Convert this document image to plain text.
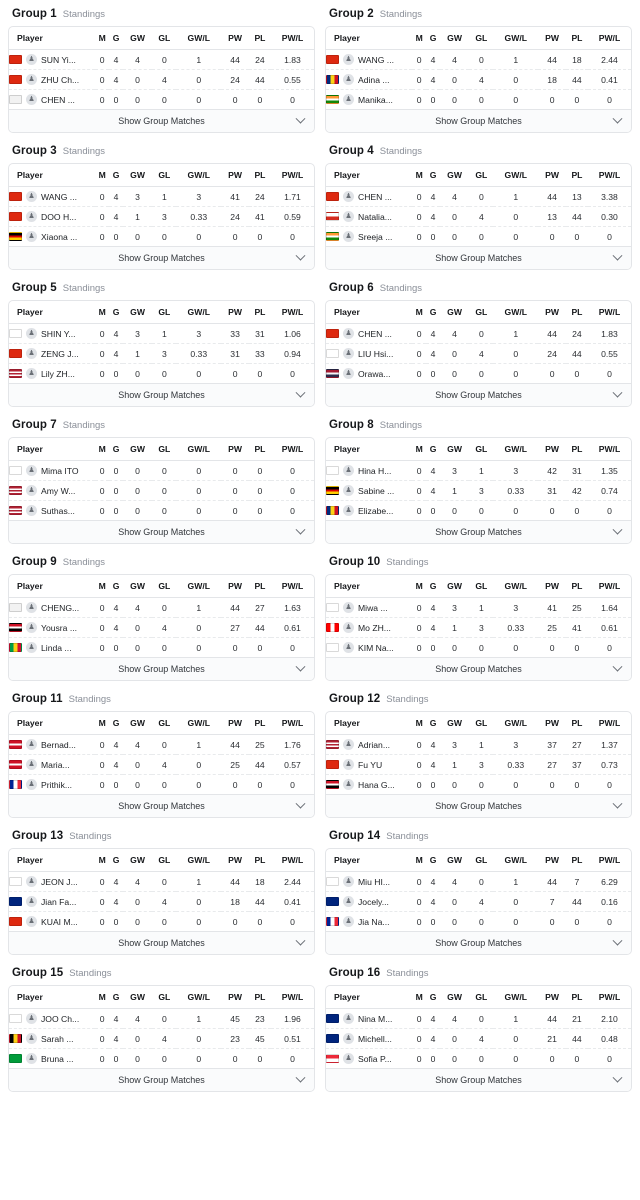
Group 1 Standings
Player	M	G	GW	GL	GW/L	PW	PL	PW/L

♟ SUN Yi...	0	4	4	0	1	44	24	1.83

♟ ZHU Ch...	0	4	0	4	0	24	44	0.55

♟ CHEN ...	0	0	0	0	0	0	0	0
Show Group Matches
Group 2 Standings
Player	M	G	GW	GL	GW/L	PW	PL	PW/L

♟ WANG ...	0	4	4	0	1	44	18	2.44

♟ Adina ...	0	4	0	4	0	18	44	0.41

♟ Manika...	0	0	0	0	0	0	0	0
Show Group Matches
Group 3 Standings
Player	M	G	GW	GL	GW/L	PW	PL	PW/L

♟ WANG ...	0	4	3	1	3	41	24	1.71

♟ DOO H...	0	4	1	3	0.33	24	41	0.59

♟ Xiaona ...	0	0	0	0	0	0	0	0
Show Group Matches
Group 4 Standings
Player	M	G	GW	GL	GW/L	PW	PL	PW/L

♟ CHEN ...	0	4	4	0	1	44	13	3.38

♟ Natalia...	0	4	0	4	0	13	44	0.30

♟ Sreeja ...	0	0	0	0	0	0	0	0
Show Group Matches
Group 5 Standings
Player	M	G	GW	GL	GW/L	PW	PL	PW/L

♟ SHIN Y...	0	4	3	1	3	33	31	1.06

♟ ZENG J...	0	4	1	3	0.33	31	33	0.94

♟ Lily ZH...	0	0	0	0	0	0	0	0
Show Group Matches
Group 6 Standings
Player	M	G	GW	GL	GW/L	PW	PL	PW/L

♟ CHEN ...	0	4	4	0	1	44	24	1.83

♟ LIU Hsi...	0	4	0	4	0	24	44	0.55

♟ Orawa...	0	0	0	0	0	0	0	0
Show Group Matches
Group 7 Standings
Player	M	G	GW	GL	GW/L	PW	PL	PW/L

♟ Mima ITO	0	0	0	0	0	0	0	0

♟ Amy W...	0	0	0	0	0	0	0	0

♟ Suthas...	0	0	0	0	0	0	0	0
Show Group Matches
Group 8 Standings
Player	M	G	GW	GL	GW/L	PW	PL	PW/L

♟ Hina H...	0	4	3	1	3	42	31	1.35

♟ Sabine ...	0	4	1	3	0.33	31	42	0.74

♟ Elizabe...	0	0	0	0	0	0	0	0
Show Group Matches
Group 9 Standings
Player	M	G	GW	GL	GW/L	PW	PL	PW/L

♟ CHENG...	0	4	4	0	1	44	27	1.63

♟ Yousra ...	0	4	0	4	0	27	44	0.61

♟ Linda ...	0	0	0	0	0	0	0	0
Show Group Matches
Group 10 Standings
Player	M	G	GW	GL	GW/L	PW	PL	PW/L

♟ Miwa ...	0	4	3	1	3	41	25	1.64

♟ Mo ZH...	0	4	1	3	0.33	25	41	0.61

♟ KIM Na...	0	0	0	0	0	0	0	0
Show Group Matches
Group 11 Standings
Player	M	G	GW	GL	GW/L	PW	PL	PW/L

♟ Bernad...	0	4	4	0	1	44	25	1.76

♟ Maria...	0	4	0	4	0	25	44	0.57

♟ Prithik...	0	0	0	0	0	0	0	0
Show Group Matches
Group 12 Standings
Player	M	G	GW	GL	GW/L	PW	PL	PW/L

♟ Adrian...	0	4	3	1	3	37	27	1.37

♟ Fu YU	0	4	1	3	0.33	27	37	0.73

♟ Hana G...	0	0	0	0	0	0	0	0
Show Group Matches
Group 13 Standings
Player	M	G	GW	GL	GW/L	PW	PL	PW/L

♟ JEON J...	0	4	4	0	1	44	18	2.44

♟ Jian Fa...	0	4	0	4	0	18	44	0.41

♟ KUAI M...	0	0	0	0	0	0	0	0
Show Group Matches
Group 14 Standings
Player	M	G	GW	GL	GW/L	PW	PL	PW/L

♟ Miu HI...	0	4	4	0	1	44	7	6.29

♟ Jocely...	0	4	0	4	0	7	44	0.16

♟ Jia Na...	0	0	0	0	0	0	0	0
Show Group Matches
Group 15 Standings
Player	M	G	GW	GL	GW/L	PW	PL	PW/L

♟ JOO Ch...	0	4	4	0	1	45	23	1.96

♟ Sarah ...	0	4	0	4	0	23	45	0.51

♟ Bruna ...	0	0	0	0	0	0	0	0
Show Group Matches
Group 16 Standings
Player	M	G	GW	GL	GW/L	PW	PL	PW/L

♟ Nina M...	0	4	4	0	1	44	21	2.10

♟ Michell...	0	4	0	4	0	21	44	0.48

♟ Sofia P...	0	0	0	0	0	0	0	0
Show Group Matches
